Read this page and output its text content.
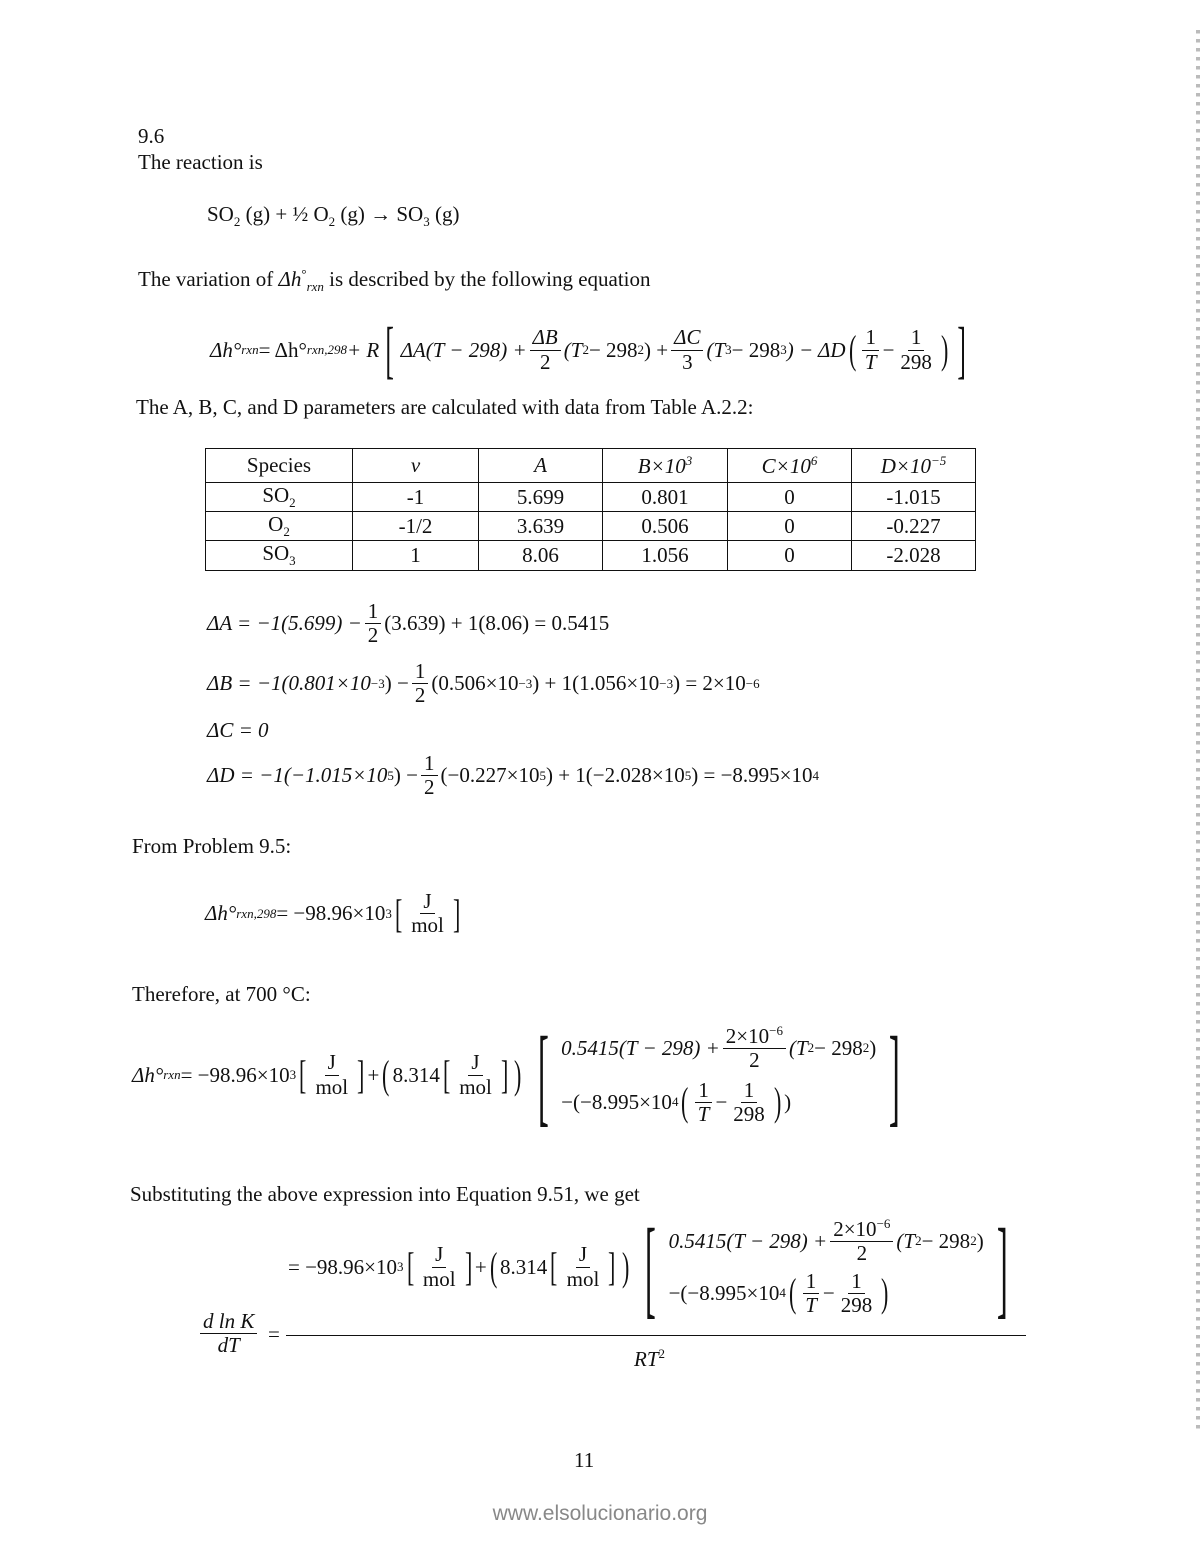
9.6
The reaction is
$SO_2$ (g) + ½ $O_2$ $(g) \to SO_3$ (g)
The variation of $\Delta h^\circ_{rxn}$ is described by the following equation
Δh° rxn = Δh° rxn,298 + R [ $\Delta A(T - 298) + \frac{\Delta B}{2} (T$ 2 − 298 2 ) + $\frac{\Delta C}{3} (T$ 3 − 298 3 ) − ΔD ( $\frac{1}{T} - \frac{1}{298}$ ) ]
The A, B, C, and D parameters are calculated with data from Table A.2.2:
Species	ν	A	$B\times 10^3$	$C\times 10^6$	$D\times 10^{-5}$
$SO_2$	-1	5.699	0.801	0	-1.015
$O_2$	-1/2	3.639	0.506	0	-0.227
$SO_3$	1	8.06	1.056	0	-2.028
$\Delta A = -1(5.699) - \frac{1}{2} (3.639) + 1(8.06) = 0.5415$
ΔB = −1(0.801×10 −3 ) − $\frac{1}{2} (0.506\times 10 -3$ ) + 1(1.056×10 −3 ) = 2×10 −6
ΔC = 0
ΔD = −1(−1.015×10 5 ) − $\frac{1}{2} (-0.227\times 10$ 5 ) + 1(−2.028×10 5 ) = −8.995×10 4
From Problem 9.5:
Δh° rxn,298 = −98.96×10 3 [ $\frac{J}{\text{mol}}$ ]
Therefore, at 700 °C:
Δh° rxn = −98.96×10 3 [ $\frac{J}{\text{mol}}$ ] + ( 8.314 [ $\frac{J}{\text{mol}}$ ] ) [ $0.5415(T - 298) + \frac{2\times 10^{-6}}{2} (T$ 2 − 298 2 )
−(−8.995×10 4 ( $\frac{1}{T} - \frac{1}{298}$ ) ) ]
Substituting the above expression into Equation 9.51, we get
$\frac{\text{d ln K}}{dT}$ =
= −98.96×10 3 [ $\frac{J}{\text{mol}}$ ] + ( 8.314 [ $\frac{J}{\text{mol}}$ ] ) [ $0.5415(T - 298) + \frac{2\times 10^{-6}}{2} (T$ 2 − 298 2 )
−(−8.995×10 4 ( $\frac{1}{T} - \frac{1}{298}$ ) ]
$RT^2$
11
www.elsolucionario.org
